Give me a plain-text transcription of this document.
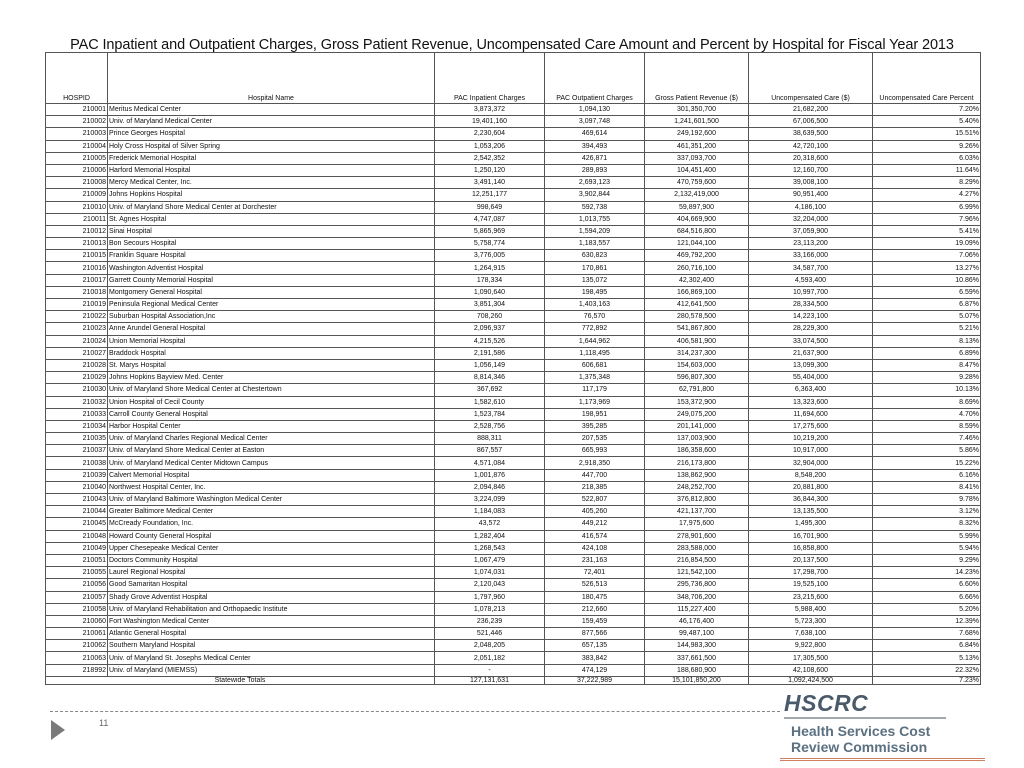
PAC Inpatient and Outpatient Charges, Gross Patient Revenue, Uncompensated Care Amount and Percent by Hospital for Fiscal Year 2013
HOSPID	Hospital Name	PAC Inpatient Charges	PAC Outpatient Charges	Gross Patient Revenue ($)	Uncompensated Care ($)	Uncompensated Care Percent
210001	Meritus Medical Center	3,873,372	1,094,130	301,350,700	21,682,200	7.20%
210002	Univ. of Maryland Medical Center	19,401,160	3,097,748	1,241,601,500	67,006,500	5.40%
210003	Prince Georges Hospital	2,230,604	469,614	249,192,600	38,639,500	15.51%
210004	Holy Cross Hospital of Silver Spring	1,053,206	394,493	461,351,200	42,720,100	9.26%
210005	Frederick Memorial Hospital	2,542,352	426,871	337,093,700	20,318,600	6.03%
210006	Harford Memorial Hospital	1,250,120	289,893	104,451,400	12,160,700	11.64%
210008	Mercy Medical Center, Inc.	3,491,140	2,693,123	470,759,600	39,008,100	8.29%
210009	Johns Hopkins Hospital	12,251,177	3,902,844	2,132,419,000	90,951,400	4.27%
210010	Univ. of Maryland Shore Medical Center at Dorchester	998,649	592,738	59,897,900	4,186,100	6.99%
210011	St. Agnes Hospital	4,747,087	1,013,755	404,669,900	32,204,000	7.96%
210012	Sinai Hospital	5,865,969	1,594,209	684,516,800	37,059,900	5.41%
210013	Bon Secours Hospital	5,758,774	1,183,557	121,044,100	23,113,200	19.09%
210015	Franklin Square Hospital	3,776,005	630,823	469,792,200	33,166,000	7.06%
210016	Washington Adventist Hospital	1,264,915	170,861	260,716,100	34,587,700	13.27%
210017	Garrett County Memorial Hospital	178,334	135,072	42,302,400	4,593,400	10.86%
210018	Montgomery General Hospital	1,090,640	198,495	166,869,100	10,997,700	6.59%
210019	Peninsula Regional Medical Center	3,851,304	1,403,163	412,641,500	28,334,500	6.87%
210022	Suburban Hospital Association,Inc	708,260	76,570	280,578,500	14,223,100	5.07%
210023	Anne Arundel General Hospital	2,096,937	772,892	541,867,800	28,229,300	5.21%
210024	Union Memorial Hospital	4,215,526	1,644,962	406,581,900	33,074,500	8.13%
210027	Braddock Hospital	2,191,586	1,118,495	314,237,300	21,637,900	6.89%
210028	St. Marys Hospital	1,056,149	606,681	154,603,000	13,099,300	8.47%
210029	Johns Hopkins Bayview Med. Center	8,814,346	1,375,348	596,807,300	55,404,000	9.28%
210030	Univ. of Maryland Shore Medical Center at Chestertown	367,692	117,179	62,791,800	6,363,400	10.13%
210032	Union Hospital of Cecil County	1,582,610	1,173,969	153,372,900	13,323,600	8.69%
210033	Carroll County General Hospital	1,523,784	198,951	249,075,200	11,694,600	4.70%
210034	Harbor Hospital Center	2,528,756	395,285	201,141,000	17,275,600	8.59%
210035	Univ. of Maryland Charles Regional Medical Center	888,311	207,535	137,003,900	10,219,200	7.46%
210037	Univ. of Maryland Shore Medical Center at Easton	867,557	665,993	186,358,600	10,917,000	5.86%
210038	Univ. of Maryland Medical Center Midtown Campus	4,571,084	2,918,350	216,173,800	32,904,000	15.22%
210039	Calvert Memorial Hospital	1,001,876	447,700	138,862,900	8,548,200	6.16%
210040	Northwest Hospital Center, Inc.	2,094,846	218,385	248,252,700	20,881,800	8.41%
210043	Univ. of Maryland Baltimore Washington Medical Center	3,224,099	522,807	376,812,800	36,844,300	9.78%
210044	Greater Baltimore Medical Center	1,184,083	405,260	421,137,700	13,135,500	3.12%
210045	McCready Foundation, Inc.	43,572	449,212	17,975,600	1,495,300	8.32%
210048	Howard County General Hospital	1,282,404	416,574	278,901,600	16,701,900	5.99%
210049	Upper Chesepeake Medical Center	1,268,543	424,108	283,588,000	16,858,800	5.94%
210051	Doctors Community Hospital	1,067,479	231,163	216,854,500	20,137,500	9.29%
210055	Laurel Regional Hospital	1,074,031	72,401	121,542,100	17,298,700	14.23%
210056	Good Samaritan Hospital	2,120,043	526,513	295,736,800	19,525,100	6.60%
210057	Shady Grove Adventist Hospital	1,797,960	180,475	348,706,200	23,215,600	6.66%
210058	Univ. of Maryland Rehabilitation and Orthopaedic Institute	1,078,213	212,660	115,227,400	5,988,400	5.20%
210060	Fort Washington Medical Center	236,239	159,459	46,176,400	5,723,300	12.39%
210061	Atlantic General Hospital	521,446	877,566	99,487,100	7,638,100	7.68%
210062	Southern Maryland Hospital	2,048,205	657,135	144,983,300	9,922,800	6.84%
210063	Univ. of Maryland St. Josephs Medical Center	2,051,182	383,842	337,661,500	17,305,500	5.13%
218992	Univ. of Maryland (MIEMSS)	-	474,129	188,680,900	42,108,600	22.32%
Statewide Totals		127,131,631	37,222,989	15,101,850,200	1,092,424,500	7.23%
11
HSCRC
Health Services Cost
Review Commission
